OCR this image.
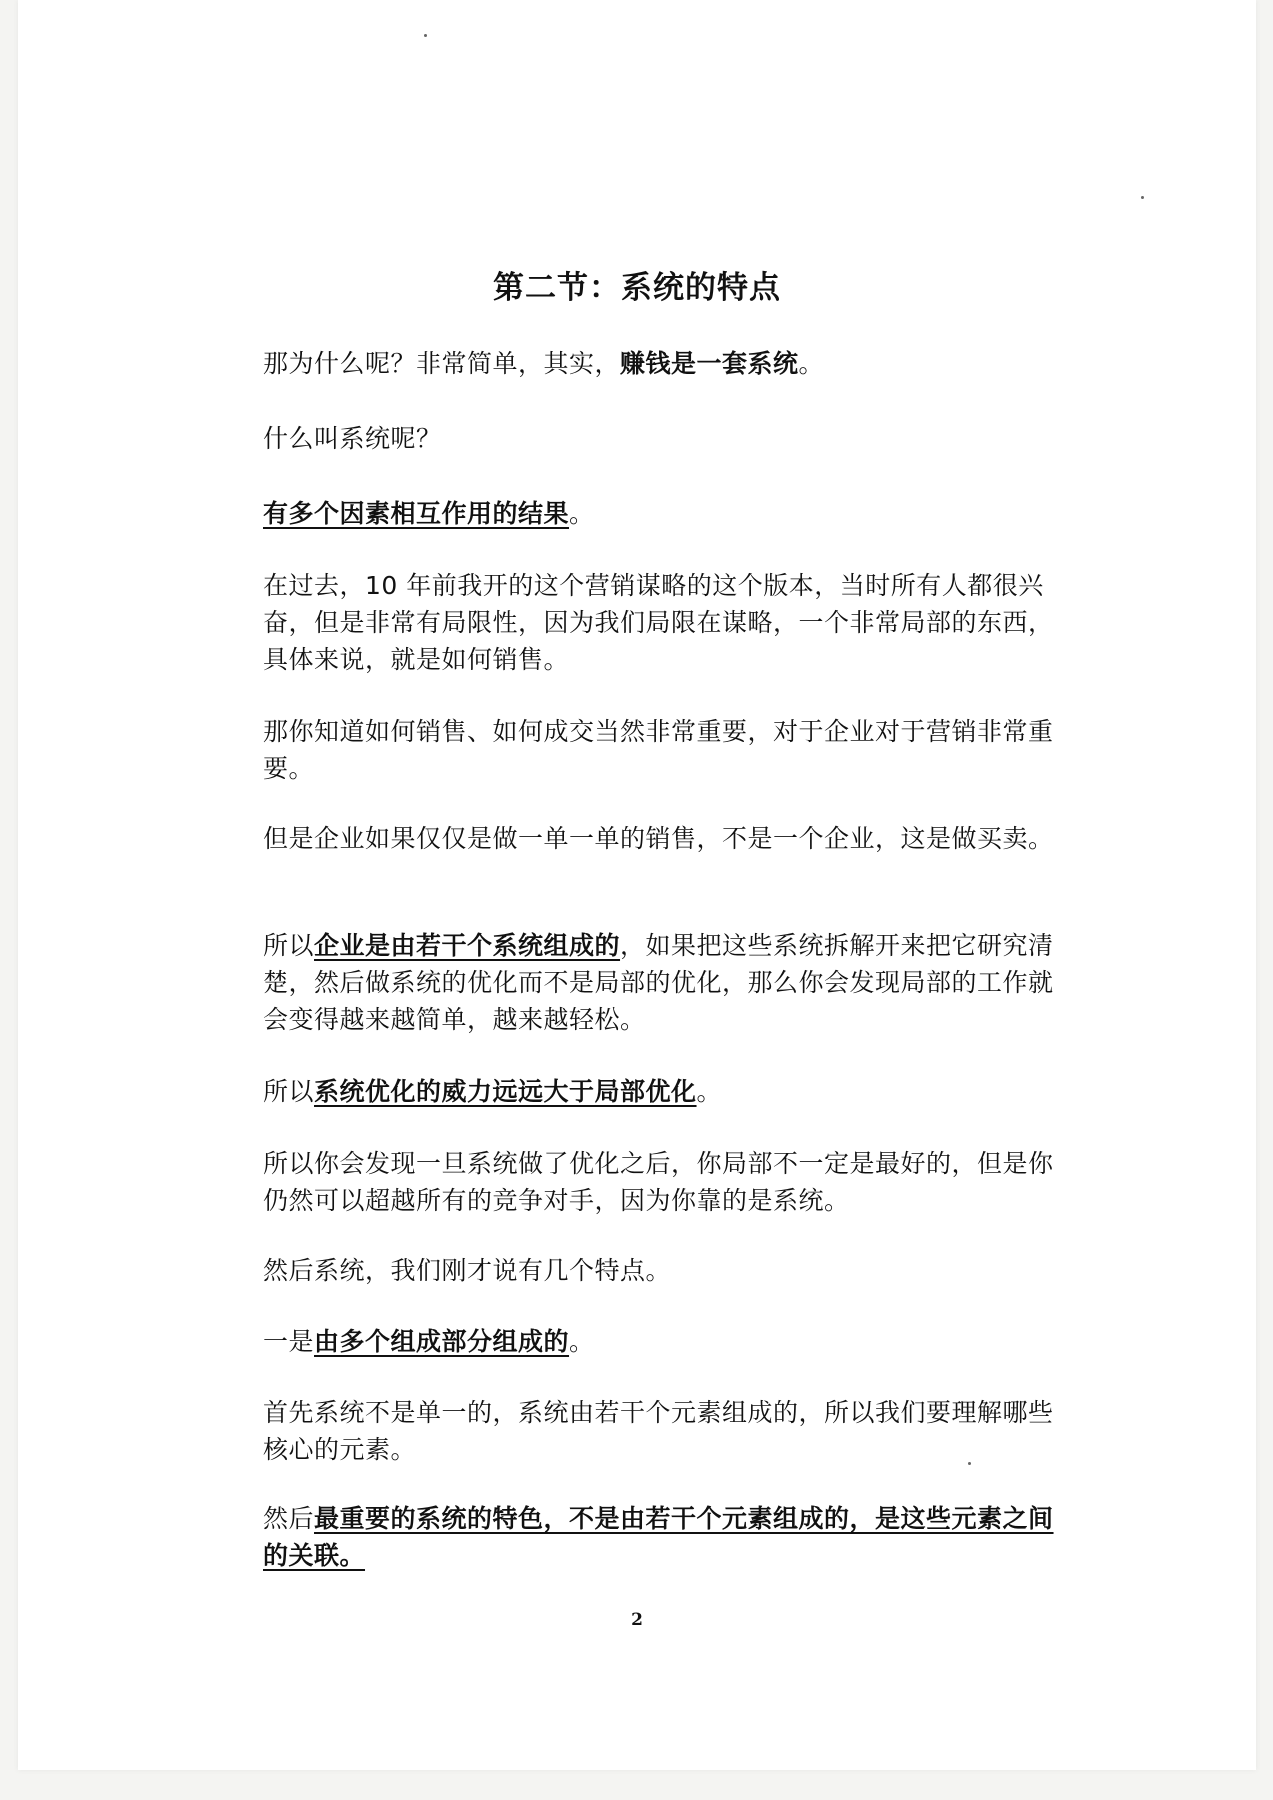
第二节：系统的特点

那为什么呢？非常简单，其实，赚钱是一套系统。

什么叫系统呢？

有多个因素相互作用的结果。

在过去，10 年前我开的这个营销谋略的这个版本，当时所有人都很兴奋，但是非常有局限性，因为我们局限在谋略，一个非常局部的东西，具体来说，就是如何销售。

那你知道如何销售、如何成交当然非常重要，对于企业对于营销非常重要。

但是企业如果仅仅是做一单一单的销售，不是一个企业，这是做买卖。

所以企业是由若干个系统组成的，如果把这些系统拆解开来把它研究清楚，然后做系统的优化而不是局部的优化，那么你会发现局部的工作就会变得越来越简单，越来越轻松。

所以系统优化的威力远远大于局部优化。

所以你会发现一旦系统做了优化之后，你局部不一定是最好的，但是你仍然可以超越所有的竞争对手，因为你靠的是系统。

然后系统，我们刚才说有几个特点。

一是由多个组成部分组成的。

首先系统不是单一的，系统由若干个元素组成的，所以我们要理解哪些核心的元素。

然后最重要的系统的特色，不是由若干个元素组成的，是这些元素之间的关联。

2
